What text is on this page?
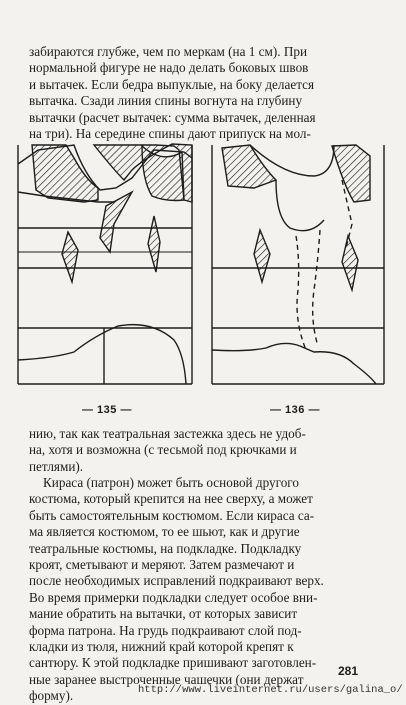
забираются глубже, чем по меркам (на 1 см). При
нормальной фигуре не надо делать боковых швов
и вытачек. Если бедра выпуклые, на боку делается
вытачка. Сзади линия спины вогнута на глубину
вытачки (расчет вытачек: сумма вытачек, деленная
на три). На середине спины дают припуск на мол-
— 135 —	— 136 —
нию, так как театральная застежка здесь не удоб-
на, хотя и возможна (с тесьмой под крючками и
петлями).
Кираса (патрон) может быть основой другого
костюма, который крепится на нее сверху, а может
быть самостоятельным костюмом. Если кираса са-
ма является костюмом, то ее шьют, как и другие
театральные костюмы, на подкладке. Подкладку
кроят, сметывают и меряют. Затем размечают и
после необходимых исправлений подкраивают верх.
Во время примерки подкладки следует особое вни-
мание обратить на вытачки, от которых зависит
форма патрона. На грудь подкраивают слой под-
кладки из тюля, нижний край которой крепят к
сантюру. К этой подкладке пришивают заготовлен-
ные заранее выстроченные чашечки (они держат
форму).
281
http://www.liveinternet.ru/users/galina_o/
